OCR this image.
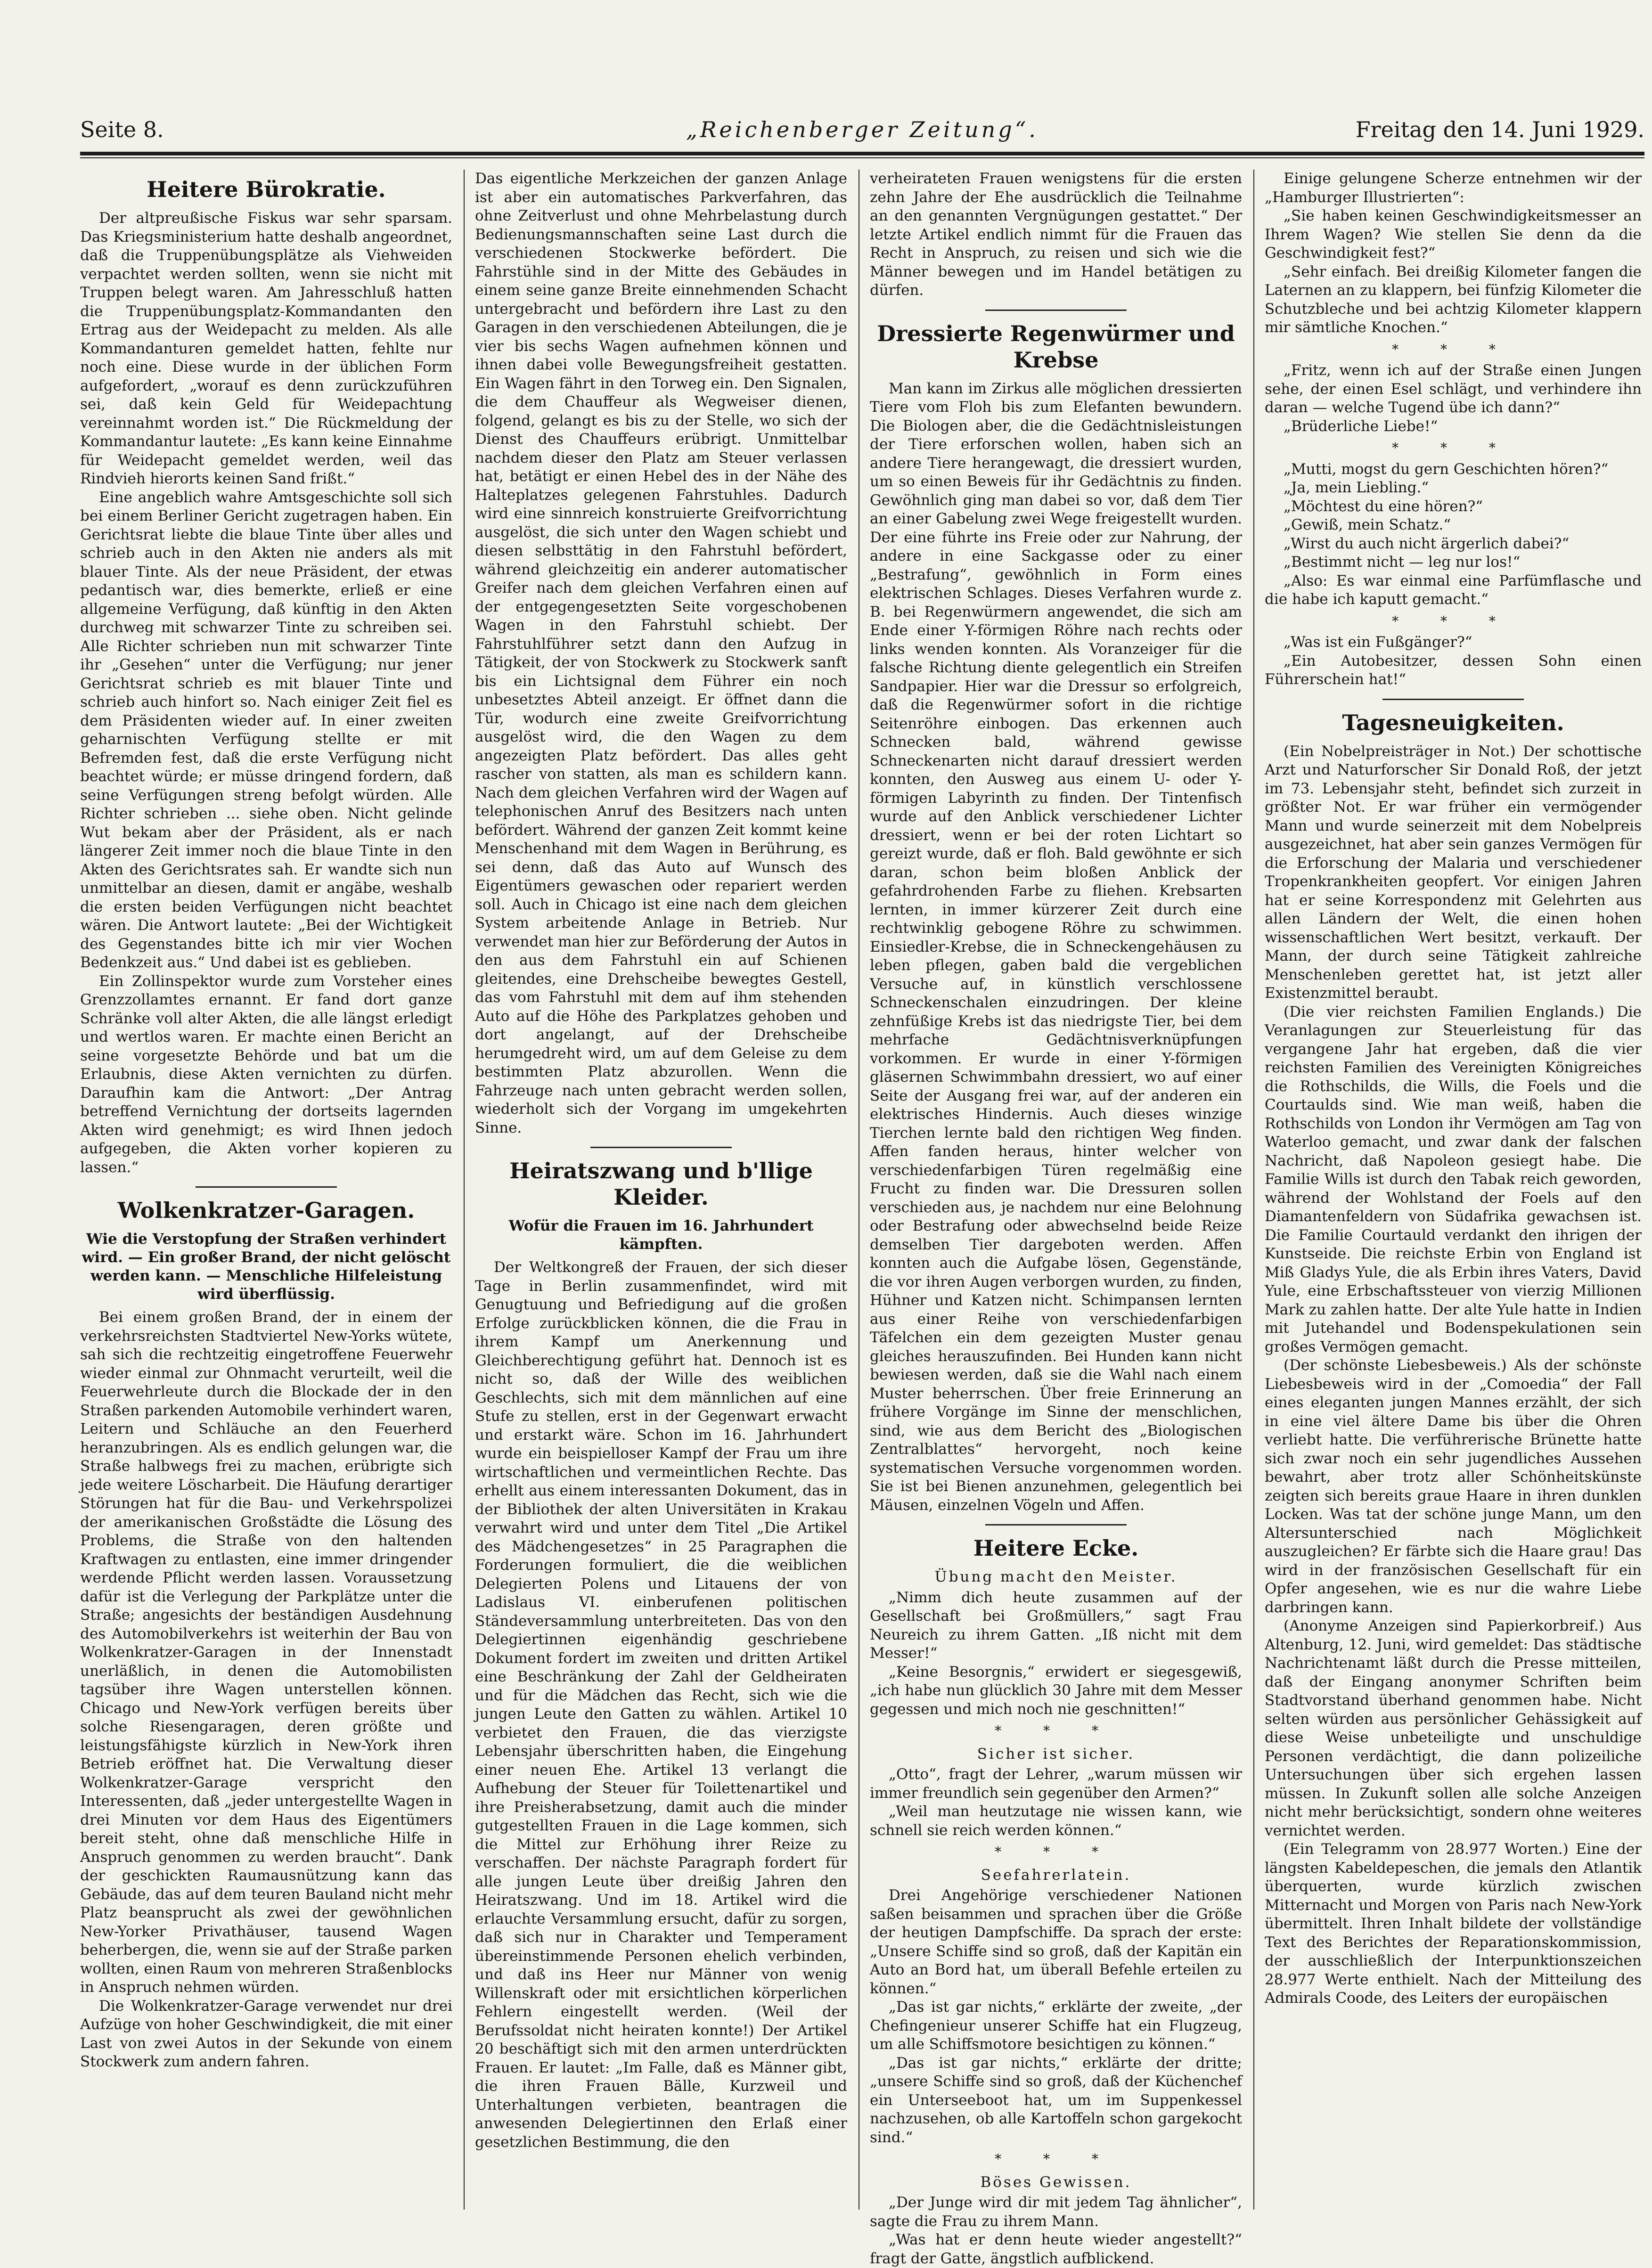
Seite 8.	„Reichenberger Zeitung“.	Freitag den 14. Juni 1929.
Heitere Bürokratie.

Der altpreußische Fiskus war sehr sparsam. Das Kriegsministerium hatte deshalb angeordnet, daß die Truppenübungsplätze als Viehweiden verpachtet werden sollten, wenn sie nicht mit Truppen belegt waren. Am Jahresschluß hatten die Truppenübungsplatz-Kommandanten den Ertrag aus der Weidepacht zu melden. Als alle Kommandanturen gemeldet hatten, fehlte nur noch eine. Diese wurde in der üblichen Form aufgefordert, „worauf es denn zurückzuführen sei, daß kein Geld für Weidepachtung vereinnahmt worden ist.“ Die Rückmeldung der Kommandantur lautete: „Es kann keine Einnahme für Weidepacht gemeldet werden, weil das Rindvieh hierorts keinen Sand frißt.“

Eine angeblich wahre Amtsgeschichte soll sich bei einem Berliner Gericht zugetragen haben. Ein Gerichtsrat liebte die blaue Tinte über alles und schrieb auch in den Akten nie anders als mit blauer Tinte. Als der neue Präsident, der etwas pedantisch war, dies bemerkte, erließ er eine allgemeine Verfügung, daß künftig in den Akten durchweg mit schwarzer Tinte zu schreiben sei. Alle Richter schrieben nun mit schwarzer Tinte ihr „Gesehen“ unter die Verfügung; nur jener Gerichtsrat schrieb es mit blauer Tinte und schrieb auch hinfort so. Nach einiger Zeit fiel es dem Präsidenten wieder auf. In einer zweiten geharnischten Verfügung stellte er mit Befremden fest, daß die erste Verfügung nicht beachtet würde; er müsse dringend fordern, daß seine Verfügungen streng befolgt würden. Alle Richter schrieben ... siehe oben. Nicht gelinde Wut bekam aber der Präsident, als er nach längerer Zeit immer noch die blaue Tinte in den Akten des Gerichtsrates sah. Er wandte sich nun unmittelbar an diesen, damit er angäbe, weshalb die ersten beiden Verfügungen nicht beachtet wären. Die Antwort lautete: „Bei der Wichtigkeit des Gegenstandes bitte ich mir vier Wochen Bedenkzeit aus.“ Und dabei ist es geblieben.

Ein Zollinspektor wurde zum Vorsteher eines Grenzzollamtes ernannt. Er fand dort ganze Schränke voll alter Akten, die alle längst erledigt und wertlos waren. Er machte einen Bericht an seine vorgesetzte Behörde und bat um die Erlaubnis, diese Akten vernichten zu dürfen. Daraufhin kam die Antwort: „Der Antrag betreffend Vernichtung der dortseits lagernden Akten wird genehmigt; es wird Ihnen jedoch aufgegeben, die Akten vorher kopieren zu lassen.“

Wolkenkratzer-Garagen.
Wie die Verstopfung der Straßen verhindert wird. — Ein großer Brand, der nicht gelöscht werden kann. — Menschliche Hilfeleistung wird überflüssig.

Bei einem großen Brand, der in einem der verkehrsreichsten Stadtviertel New-Yorks wütete, sah sich die rechtzeitig eingetroffene Feuerwehr wieder einmal zur Ohnmacht verurteilt, weil die Feuerwehrleute durch die Blockade der in den Straßen parkenden Automobile verhindert waren, Leitern und Schläuche an den Feuerherd heranzubringen. Als es endlich gelungen war, die Straße halbwegs frei zu machen, erübrigte sich jede weitere Löscharbeit. Die Häufung derartiger Störungen hat für die Bau- und Verkehrspolizei der amerikanischen Großstädte die Lösung des Problems, die Straße von den haltenden Kraftwagen zu entlasten, eine immer dringender werdende Pflicht werden lassen. Voraussetzung dafür ist die Verlegung der Parkplätze unter die Straße; angesichts der beständigen Ausdehnung des Automobilverkehrs ist weiterhin der Bau von Wolkenkratzer-Garagen in der Innenstadt unerläßlich, in denen die Automobilisten tagsüber ihre Wagen unterstellen können. Chicago und New-York verfügen bereits über solche Riesengaragen, deren größte und leistungsfähigste kürzlich in New-York ihren Betrieb eröffnet hat. Die Verwaltung dieser Wolkenkratzer-Garage verspricht den Interessenten, daß „jeder untergestellte Wagen in drei Minuten vor dem Haus des Eigentümers bereit steht, ohne daß menschliche Hilfe in Anspruch genommen zu werden braucht“. Dank der geschickten Raumausnützung kann das Gebäude, das auf dem teuren Bauland nicht mehr Platz beansprucht als zwei der gewöhnlichen New-Yorker Privathäuser, tausend Wagen beherbergen, die, wenn sie auf der Straße parken wollten, einen Raum von mehreren Straßenblocks in Anspruch nehmen würden.

Die Wolkenkratzer-Garage verwendet nur drei Aufzüge von hoher Geschwindigkeit, die mit einer Last von zwei Autos in der Sekunde von einem Stockwerk zum andern fahren.

Das eigentliche Merkzeichen der ganzen Anlage ist aber ein automatisches Parkverfahren, das ohne Zeitverlust und ohne Mehrbelastung durch Bedienungsmannschaften seine Last durch die verschiedenen Stockwerke befördert. Die Fahrstühle sind in der Mitte des Gebäudes in einem seine ganze Breite einnehmenden Schacht untergebracht und befördern ihre Last zu den Garagen in den verschiedenen Abteilungen, die je vier bis sechs Wagen aufnehmen können und ihnen dabei volle Bewegungsfreiheit gestatten. Ein Wagen fährt in den Torweg ein. Den Signalen, die dem Chauffeur als Wegweiser dienen, folgend, gelangt es bis zu der Stelle, wo sich der Dienst des Chauffeurs erübrigt. Unmittelbar nachdem dieser den Platz am Steuer verlassen hat, betätigt er einen Hebel des in der Nähe des Halteplatzes gelegenen Fahrstuhles. Dadurch wird eine sinnreich konstruierte Greifvorrichtung ausgelöst, die sich unter den Wagen schiebt und diesen selbsttätig in den Fahrstuhl befördert, während gleichzeitig ein anderer automatischer Greifer nach dem gleichen Verfahren einen auf der entgegengesetzten Seite vorgeschobenen Wagen in den Fahrstuhl schiebt. Der Fahrstuhlführer setzt dann den Aufzug in Tätigkeit, der von Stockwerk zu Stockwerk sanft bis ein Lichtsignal dem Führer ein noch unbesetztes Abteil anzeigt. Er öffnet dann die Tür, wodurch eine zweite Greifvorrichtung ausgelöst wird, die den Wagen zu dem angezeigten Platz befördert. Das alles geht rascher von statten, als man es schildern kann. Nach dem gleichen Verfahren wird der Wagen auf telephonischen Anruf des Besitzers nach unten befördert. Während der ganzen Zeit kommt keine Menschenhand mit dem Wagen in Berührung, es sei denn, daß das Auto auf Wunsch des Eigentümers gewaschen oder repariert werden soll. Auch in Chicago ist eine nach dem gleichen System arbeitende Anlage in Betrieb. Nur verwendet man hier zur Beförderung der Autos in den aus dem Fahrstuhl ein auf Schienen gleitendes, eine Drehscheibe bewegtes Gestell, das vom Fahrstuhl mit dem auf ihm stehenden Auto auf die Höhe des Parkplatzes gehoben und dort angelangt, auf der Drehscheibe herumgedreht wird, um auf dem Geleise zu dem bestimmten Platz abzurollen. Wenn die Fahrzeuge nach unten gebracht werden sollen, wiederholt sich der Vorgang im umgekehrten Sinne.

Heiratszwang und b'llige Kleider.
Wofür die Frauen im 16. Jahrhundert kämpften.

Der Weltkongreß der Frauen, der sich dieser Tage in Berlin zusammenfindet, wird mit Genugtuung und Befriedigung auf die großen Erfolge zurückblicken können, die die Frau in ihrem Kampf um Anerkennung und Gleichberechtigung geführt hat. Dennoch ist es nicht so, daß der Wille des weiblichen Geschlechts, sich mit dem männlichen auf eine Stufe zu stellen, erst in der Gegenwart erwacht und erstarkt wäre. Schon im 16. Jahrhundert wurde ein beispielloser Kampf der Frau um ihre wirtschaftlichen und vermeintlichen Rechte. Das erhellt aus einem interessanten Dokument, das in der Bibliothek der alten Universitäten in Krakau verwahrt wird und unter dem Titel „Die Artikel des Mädchengesetzes“ in 25 Paragraphen die Forderungen formuliert, die die weiblichen Delegierten Polens und Litauens der von Ladislaus VI. einberufenen politischen Ständeversammlung unterbreiteten. Das von den Delegiertinnen eigenhändig geschriebene Dokument fordert im zweiten und dritten Artikel eine Beschränkung der Zahl der Geldheiraten und für die Mädchen das Recht, sich wie die jungen Leute den Gatten zu wählen. Artikel 10 verbietet den Frauen, die das vierzigste Lebensjahr überschritten haben, die Eingehung einer neuen Ehe. Artikel 13 verlangt die Aufhebung der Steuer für Toilettenartikel und ihre Preisherabsetzung, damit auch die minder gutgestellten Frauen in die Lage kommen, sich die Mittel zur Erhöhung ihrer Reize zu verschaffen. Der nächste Paragraph fordert für alle jungen Leute über dreißig Jahren den Heiratszwang. Und im 18. Artikel wird die erlauchte Versammlung ersucht, dafür zu sorgen, daß sich nur in Charakter und Temperament übereinstimmende Personen ehelich verbinden, und daß ins Heer nur Männer von wenig Willenskraft oder mit ersichtlichen körperlichen Fehlern eingestellt werden. (Weil der Berufssoldat nicht heiraten konnte!) Der Artikel 20 beschäftigt sich mit den armen unterdrückten Frauen. Er lautet: „Im Falle, daß es Männer gibt, die ihren Frauen Bälle, Kurzweil und Unterhaltungen verbieten, beantragen die anwesenden Delegiertinnen den Erlaß einer gesetzlichen Bestimmung, die den

verheirateten Frauen wenigstens für die ersten zehn Jahre der Ehe ausdrücklich die Teilnahme an den genannten Vergnügungen gestattet.“ Der letzte Artikel endlich nimmt für die Frauen das Recht in Anspruch, zu reisen und sich wie die Männer bewegen und im Handel betätigen zu dürfen.

Dressierte Regenwürmer und Krebse

Man kann im Zirkus alle möglichen dressierten Tiere vom Floh bis zum Elefanten bewundern. Die Biologen aber, die die Gedächtnisleistungen der Tiere erforschen wollen, haben sich an andere Tiere herangewagt, die dressiert wurden, um so einen Beweis für ihr Gedächtnis zu finden. Gewöhnlich ging man dabei so vor, daß dem Tier an einer Gabelung zwei Wege freigestellt wurden. Der eine führte ins Freie oder zur Nahrung, der andere in eine Sackgasse oder zu einer „Bestrafung“, gewöhnlich in Form eines elektrischen Schlages. Dieses Verfahren wurde z. B. bei Regenwürmern angewendet, die sich am Ende einer Y-förmigen Röhre nach rechts oder links wenden konnten. Als Voranzeiger für die falsche Richtung diente gelegentlich ein Streifen Sandpapier. Hier war die Dressur so erfolgreich, daß die Regenwürmer sofort in die richtige Seitenröhre einbogen. Das erkennen auch Schnecken bald, während gewisse Schneckenarten nicht darauf dressiert werden konnten, den Ausweg aus einem U- oder Y-förmigen Labyrinth zu finden. Der Tintenfisch wurde auf den Anblick verschiedener Lichter dressiert, wenn er bei der roten Lichtart so gereizt wurde, daß er floh. Bald gewöhnte er sich daran, schon beim bloßen Anblick der gefahrdrohenden Farbe zu fliehen. Krebsarten lernten, in immer kürzerer Zeit durch eine rechtwinklig gebogene Röhre zu schwimmen. Einsiedler-Krebse, die in Schneckengehäusen zu leben pflegen, gaben bald die vergeblichen Versuche auf, in künstlich verschlossene Schneckenschalen einzudringen. Der kleine zehnfüßige Krebs ist das niedrigste Tier, bei dem mehrfache Gedächtnisverknüpfungen vorkommen. Er wurde in einer Y-förmigen gläsernen Schwimmbahn dressiert, wo auf einer Seite der Ausgang frei war, auf der anderen ein elektrisches Hindernis. Auch dieses winzige Tierchen lernte bald den richtigen Weg finden. Affen fanden heraus, hinter welcher von verschiedenfarbigen Türen regelmäßig eine Frucht zu finden war. Die Dressuren sollen verschieden aus, je nachdem nur eine Belohnung oder Bestrafung oder abwechselnd beide Reize demselben Tier dargeboten werden. Affen konnten auch die Aufgabe lösen, Gegenstände, die vor ihren Augen verborgen wurden, zu finden, Hühner und Katzen nicht. Schimpansen lernten aus einer Reihe von verschiedenfarbigen Täfelchen ein dem gezeigten Muster genau gleiches herauszufinden. Bei Hunden kann nicht bewiesen werden, daß sie die Wahl nach einem Muster beherrschen. Über freie Erinnerung an frühere Vorgänge im Sinne der menschlichen, sind, wie aus dem Bericht des „Biologischen Zentralblattes“ hervorgeht, noch keine systematischen Versuche vorgenommen worden. Sie ist bei Bienen anzunehmen, gelegentlich bei Mäusen, einzelnen Vögeln und Affen.

Heitere Ecke.
Übung macht den Meister.

„Nimm dich heute zusammen auf der Gesellschaft bei Großmüllers,“ sagt Frau Neureich zu ihrem Gatten. „Iß nicht mit dem Messer!“

„Keine Besorgnis,“ erwidert er siegesgewiß, „ich habe nun glücklich 30 Jahre mit dem Messer gegessen und mich noch nie geschnitten!“

* * *
Sicher ist sicher.

„Otto“, fragt der Lehrer, „warum müssen wir immer freundlich sein gegenüber den Armen?“

„Weil man heutzutage nie wissen kann, wie schnell sie reich werden können.“

* * *
Seefahrerlatein.

Drei Angehörige verschiedener Nationen saßen beisammen und sprachen über die Größe der heutigen Dampfschiffe. Da sprach der erste: „Unsere Schiffe sind so groß, daß der Kapitän ein Auto an Bord hat, um überall Befehle erteilen zu können.“

„Das ist gar nichts,“ erklärte der zweite, „der Chefingenieur unserer Schiffe hat ein Flugzeug, um alle Schiffsmotore besichtigen zu können.“

„Das ist gar nichts,“ erklärte der dritte; „unsere Schiffe sind so groß, daß der Küchenchef ein Unterseeboot hat, um im Suppenkessel nachzusehen, ob alle Kartoffeln schon gargekocht sind.“

* * *
Böses Gewissen.

„Der Junge wird dir mit jedem Tag ähnlicher“, sagte die Frau zu ihrem Mann.

„Was hat er denn heute wieder angestellt?“ fragt der Gatte, ängstlich aufblickend.

Einige gelungene Scherze entnehmen wir der „Hamburger Illustrierten“:

„Sie haben keinen Geschwindigkeitsmesser an Ihrem Wagen? Wie stellen Sie denn da die Geschwindigkeit fest?“

„Sehr einfach. Bei dreißig Kilometer fangen die Laternen an zu klappern, bei fünfzig Kilometer die Schutzbleche und bei achtzig Kilometer klappern mir sämtliche Knochen.“

* * *

„Fritz, wenn ich auf der Straße einen Jungen sehe, der einen Esel schlägt, und verhindere ihn daran — welche Tugend übe ich dann?“

„Brüderliche Liebe!“

* * *

„Mutti, mogst du gern Geschichten hören?“

„Ja, mein Liebling.“

„Möchtest du eine hören?“

„Gewiß, mein Schatz.“

„Wirst du auch nicht ärgerlich dabei?“

„Bestimmt nicht — leg nur los!“

„Also: Es war einmal eine Parfümflasche und die habe ich kaputt gemacht.“

* * *

„Was ist ein Fußgänger?“

„Ein Autobesitzer, dessen Sohn einen Führerschein hat!“

Tagesneuigkeiten.

(Ein Nobelpreisträger in Not.) Der schottische Arzt und Naturforscher Sir Donald Roß, der jetzt im 73. Lebensjahr steht, befindet sich zurzeit in größter Not. Er war früher ein vermögender Mann und wurde seinerzeit mit dem Nobelpreis ausgezeichnet, hat aber sein ganzes Vermögen für die Erforschung der Malaria und verschiedener Tropenkrankheiten geopfert. Vor einigen Jahren hat er seine Korrespondenz mit Gelehrten aus allen Ländern der Welt, die einen hohen wissenschaftlichen Wert besitzt, verkauft. Der Mann, der durch seine Tätigkeit zahlreiche Menschenleben gerettet hat, ist jetzt aller Existenzmittel beraubt.

(Die vier reichsten Familien Englands.) Die Veranlagungen zur Steuerleistung für das vergangene Jahr hat ergeben, daß die vier reichsten Familien des Vereinigten Königreiches die Rothschilds, die Wills, die Foels und die Courtaulds sind. Wie man weiß, haben die Rothschilds von London ihr Vermögen am Tag von Waterloo gemacht, und zwar dank der falschen Nachricht, daß Napoleon gesiegt habe. Die Familie Wills ist durch den Tabak reich geworden, während der Wohlstand der Foels auf den Diamantenfeldern von Südafrika gewachsen ist. Die Familie Courtauld verdankt den ihrigen der Kunstseide. Die reichste Erbin von England ist Miß Gladys Yule, die als Erbin ihres Vaters, David Yule, eine Erbschaftssteuer von vierzig Millionen Mark zu zahlen hatte. Der alte Yule hatte in Indien mit Jutehandel und Bodenspekulationen sein großes Vermögen gemacht.

(Der schönste Liebesbeweis.) Als der schönste Liebesbeweis wird in der „Comoedia“ der Fall eines eleganten jungen Mannes erzählt, der sich in eine viel ältere Dame bis über die Ohren verliebt hatte. Die verführerische Brünette hatte sich zwar noch ein sehr jugendliches Aussehen bewahrt, aber trotz aller Schönheitskünste zeigten sich bereits graue Haare in ihren dunklen Locken. Was tat der schöne junge Mann, um den Altersunterschied nach Möglichkeit auszugleichen? Er färbte sich die Haare grau! Das wird in der französischen Gesellschaft für ein Opfer angesehen, wie es nur die wahre Liebe darbringen kann.

(Anonyme Anzeigen sind Papierkorbreif.) Aus Altenburg, 12. Juni, wird gemeldet: Das städtische Nachrichtenamt läßt durch die Presse mitteilen, daß der Eingang anonymer Schriften beim Stadtvorstand überhand genommen habe. Nicht selten würden aus persönlicher Gehässigkeit auf diese Weise unbeteiligte und unschuldige Personen verdächtigt, die dann polizeiliche Untersuchungen über sich ergehen lassen müssen. In Zukunft sollen alle solche Anzeigen nicht mehr berücksichtigt, sondern ohne weiteres vernichtet werden.

(Ein Telegramm von 28.977 Worten.) Eine der längsten Kabeldepeschen, die jemals den Atlantik überquerten, wurde kürzlich zwischen Mitternacht und Morgen von Paris nach New-York übermittelt. Ihren Inhalt bildete der vollständige Text des Berichtes der Reparationskommission, der ausschließlich der Interpunktionszeichen 28.977 Werte enthielt. Nach der Mitteilung des Admirals Coode, des Leiters der europäischen
